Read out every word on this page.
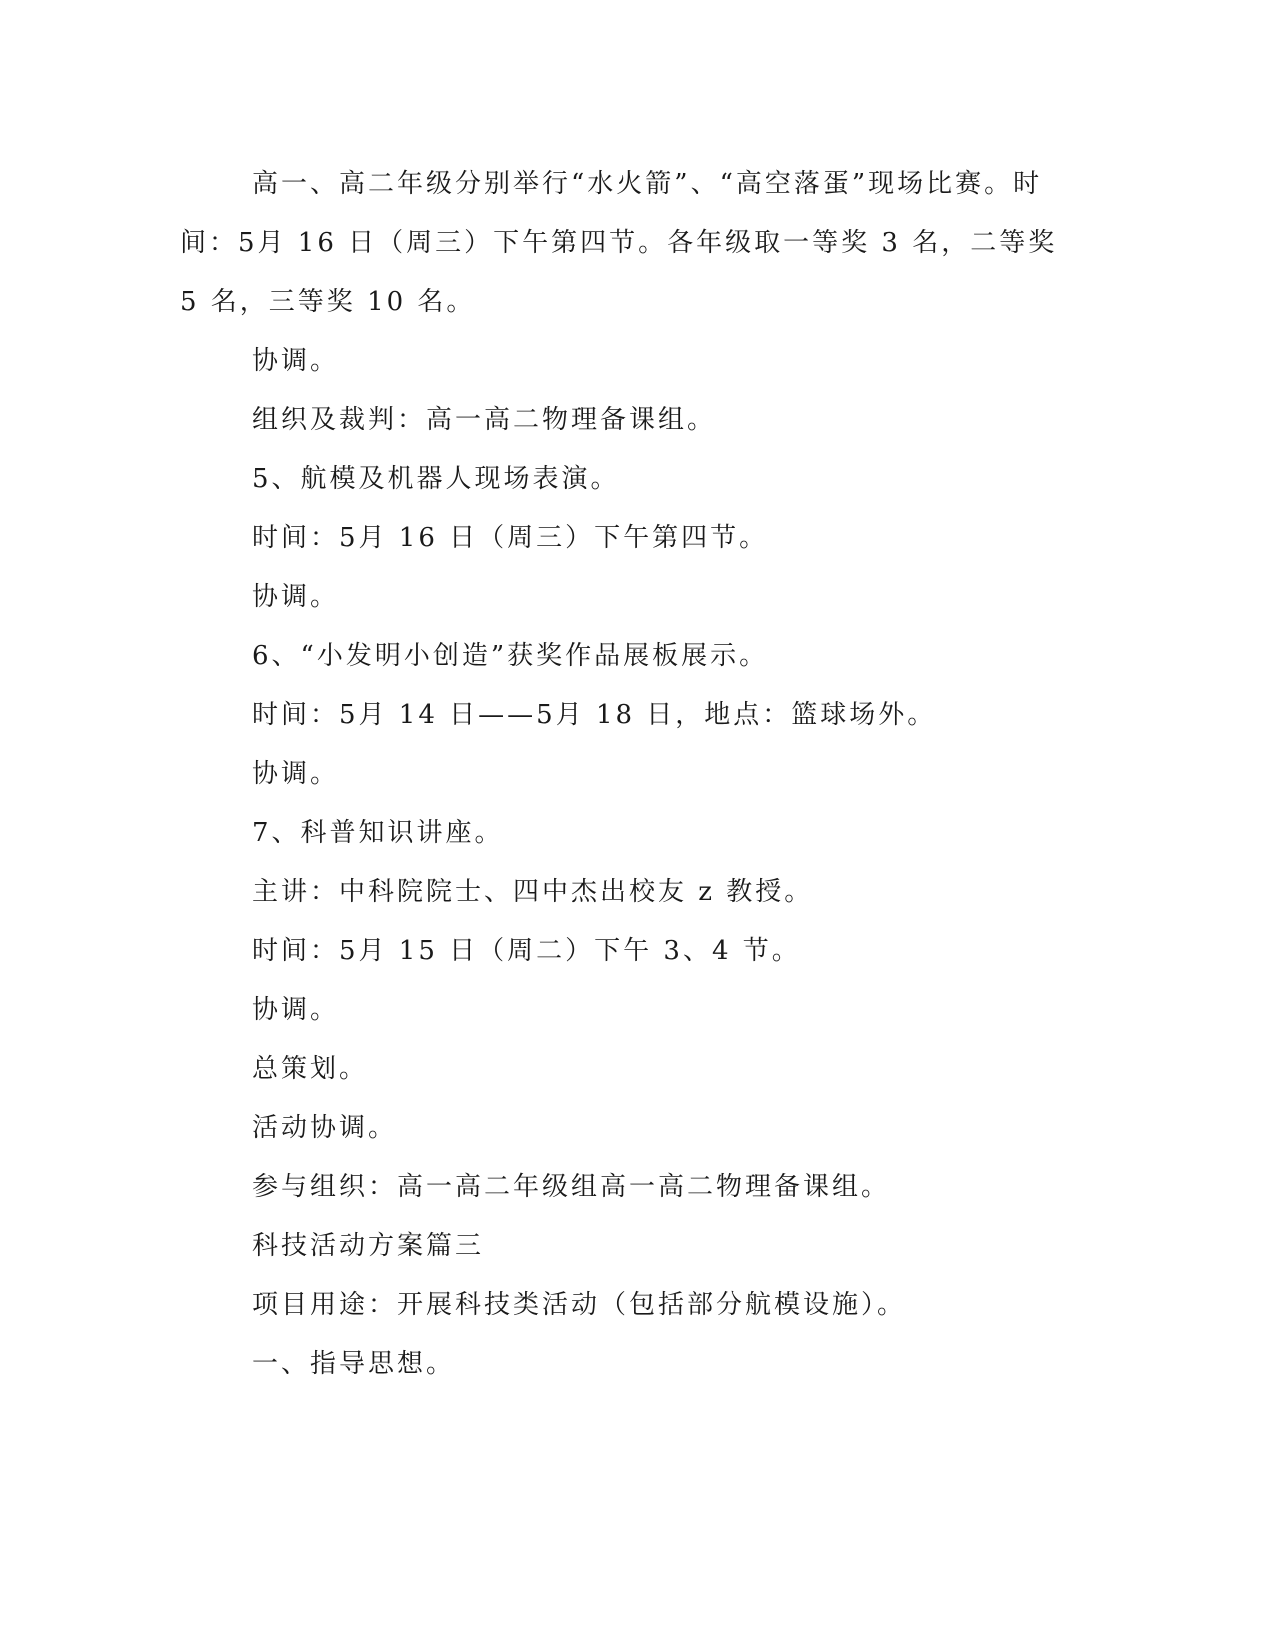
高一、高二年级分别举行“水火箭”、“高空落蛋”现场比赛。时间：5月 16 日（周三）下午第四节。各年级取一等奖 3 名，二等奖 5 名，三等奖 10 名。

协调。

组织及裁判：高一高二物理备课组。

5、航模及机器人现场表演。

时间：5月 16 日（周三）下午第四节。

协调。

6、“小发明小创造”获奖作品展板展示。

时间：5月 14 日——5月 18 日，地点：篮球场外。

协调。

7、科普知识讲座。

主讲：中科院院士、四中杰出校友 z 教授。

时间：5月 15 日（周二）下午 3、4 节。

协调。

总策划。

活动协调。

参与组织：高一高二年级组高一高二物理备课组。

科技活动方案篇三

项目用途：开展科技类活动（包括部分航模设施）。

一、指导思想。
